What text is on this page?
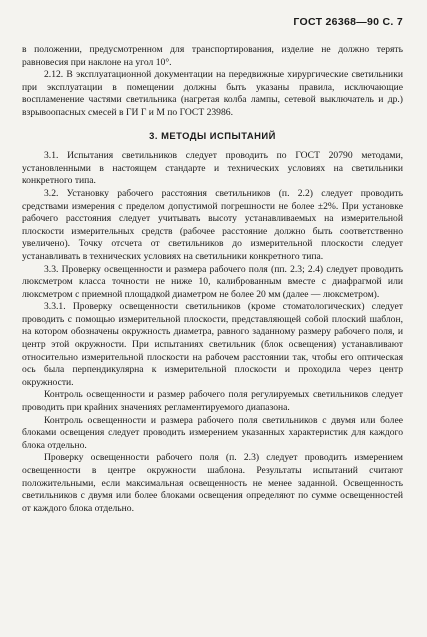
ГОСТ 26368—90 С. 7

в положении, предусмотренном для транспортирования, изделие не должно терять равновесия при наклоне на угол 10°.

2.12. В эксплуатационной документации на передвижные хирургические светильники при эксплуатации в помещении должны быть указаны правила, исключающие воспламенение частями светильника (нагретая колба лампы, сетевой выключатель и др.) взрывоопасных смесей в ГИ Г и М по ГОСТ 23986.

3. МЕТОДЫ ИСПЫТАНИЙ

3.1. Испытания светильников следует проводить по ГОСТ 20790 методами, установленными в настоящем стандарте и технических условиях на светильники конкретного типа.

3.2. Установку рабочего расстояния светильников (п. 2.2) следует проводить средствами измерения с пределом допустимой погрешности не более ±2%. При установке рабочего расстояния следует учитывать высоту устанавливаемых на измерительной плоскости измерительных средств (рабочее расстояние должно быть соответственно увеличено). Точку отсчета от светильников до измерительной плоскости следует устанавливать в технических условиях на светильники конкретного типа.

3.3. Проверку освещенности и размера рабочего поля (пп. 2.3; 2.4) следует проводить люксметром класса точности не ниже 10, калиброванным вместе с диафрагмой или люксметром с приемной площадкой диаметром не более 20 мм (далее — люксметром).

3.3.1. Проверку освещенности светильников (кроме стоматологических) следует проводить с помощью измерительной плоскости, представляющей собой плоский шаблон, на котором обозначены окружность диаметра, равного заданному размеру рабочего поля, и центр этой окружности. При испытаниях светильник (блок освещения) устанавливают относительно измерительной плоскости на рабочем расстоянии так, чтобы его оптическая ось была перпендикулярна к измерительной плоскости и проходила через центр окружности.

Контроль освещенности и размер рабочего поля регулируемых светильников следует проводить при крайних значениях регламентируемого диапазона.

Контроль освещенности и размера рабочего поля светильников с двумя или более блоками освещения следует проводить измерением указанных характеристик для каждого блока отдельно.

Проверку освещенности рабочего поля (п. 2.3) следует проводить измерением освещенности в центре окружности шаблона. Результаты испытаний считают положительными, если максимальная освещенность не менее заданной. Освещенность светильников с двумя или более блоками освещения определяют по сумме освещенностей от каждого блока отдельно.
